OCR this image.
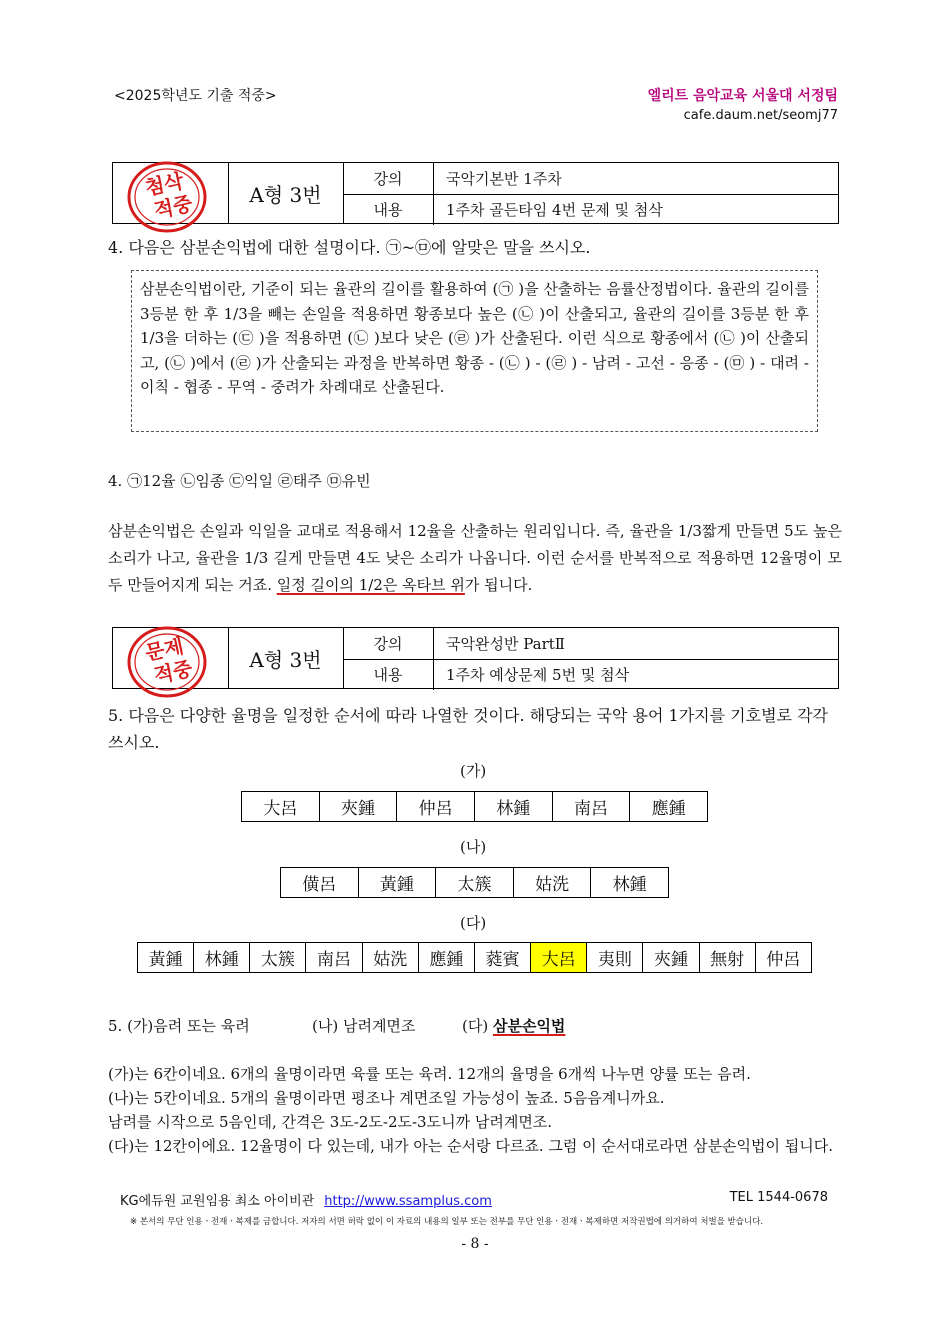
<2025학년도 기출 적중>	엘리트 음악교육 서울대 서정팀
cafe.daum.net/seomj77
첨삭
적중	A형 3번
강의	국악기본반 1주차
내용	1주차 골든타임 4번 문제 및 첨삭
4. 다음은 삼분손익법에 대한 설명이다. ㉠~㉤에 알맞은 말을 쓰시오.
삼분손익법이란, 기준이 되는 율관의 길이를 활용하여 (㉠ )을 산출하는 음률산정법이다. 율관의 길이를 3등분 한 후 1/3을 빼는 손일을 적용하면 황종보다 높은 (㉡ )이 산출되고, 율관의 길이를 3등분 한 후 1/3을 더하는 (㉢ )을 적용하면 (㉡ )보다 낮은 (㉣ )가 산출된다. 이런 식으로 황종에서 (㉡ )이 산출되고, (㉡ )에서 (㉣ )가 산출되는 과정을 반복하면 황종 - (㉡ ) - (㉣ ) - 남려 - 고선 - 응종 - (㉤ ) - 대려 - 이칙 - 협종 - 무역 - 중려가 차례대로 산출된다.
4. ㉠12율 ㉡임종 ㉢익일 ㉣태주 ㉤유빈
삼분손익법은 손일과 익일을 교대로 적용해서 12율을 산출하는 원리입니다. 즉, 율관을 1/3짧게 만들면 5도 높은 소리가 나고, 율관을 1/3 길게 만들면 4도 낮은 소리가 나옵니다. 이런 순서를 반복적으로 적용하면 12율명이 모두 만들어지게 되는 거죠. 일정 길이의 1/2은 옥타브 위가 됩니다.
문제
적중	A형 3번
강의	국악완성반 PartⅡ
내용	1주차 예상문제 5번 및 첨삭
5. 다음은 다양한 율명을 일정한 순서에 따라 나열한 것이다. 해당되는 국악 용어 1가지를 기호별로 각각 쓰시오.
(가)
大呂	夾鍾	仲呂	林鍾	南呂	應鍾
(나)
僙呂	黃鍾	太簇	姑洗	林鍾
(다)
黃鍾	林鍾	太簇	南呂	姑洗	應鍾	蕤賓	大呂	夷則	夾鍾	無射	仲呂
5. (가)음려 또는 육려	(나) 남려계면조	(다) 삼분손익법
(가)는 6칸이네요. 6개의 율명이라면 육률 또는 육려. 12개의 율명을 6개씩 나누면 양률 또는 음려.
(나)는 5칸이네요. 5개의 율명이라면 평조나 계면조일 가능성이 높죠. 5음음계니까요.
남려를 시작으로 5음인데, 간격은 3도-2도-2도-3도니까 남려계면조.
(다)는 12칸이에요. 12율명이 다 있는데, 내가 아는 순서랑 다르죠. 그럼 이 순서대로라면 삼분손익법이 됩니다.
KG에듀원 교원임용 최소 아이비관 http://www.ssamplus.com	TEL 1544-0678
※ 본서의 무단 인용ㆍ전재ㆍ복제를 금합니다. 저자의 서면 허락 없이 이 자료의 내용의 일부 또는 전부를 무단 인용ㆍ전재ㆍ복제하면 저작권법에 의거하여 처벌을 받습니다.
- 8 -
